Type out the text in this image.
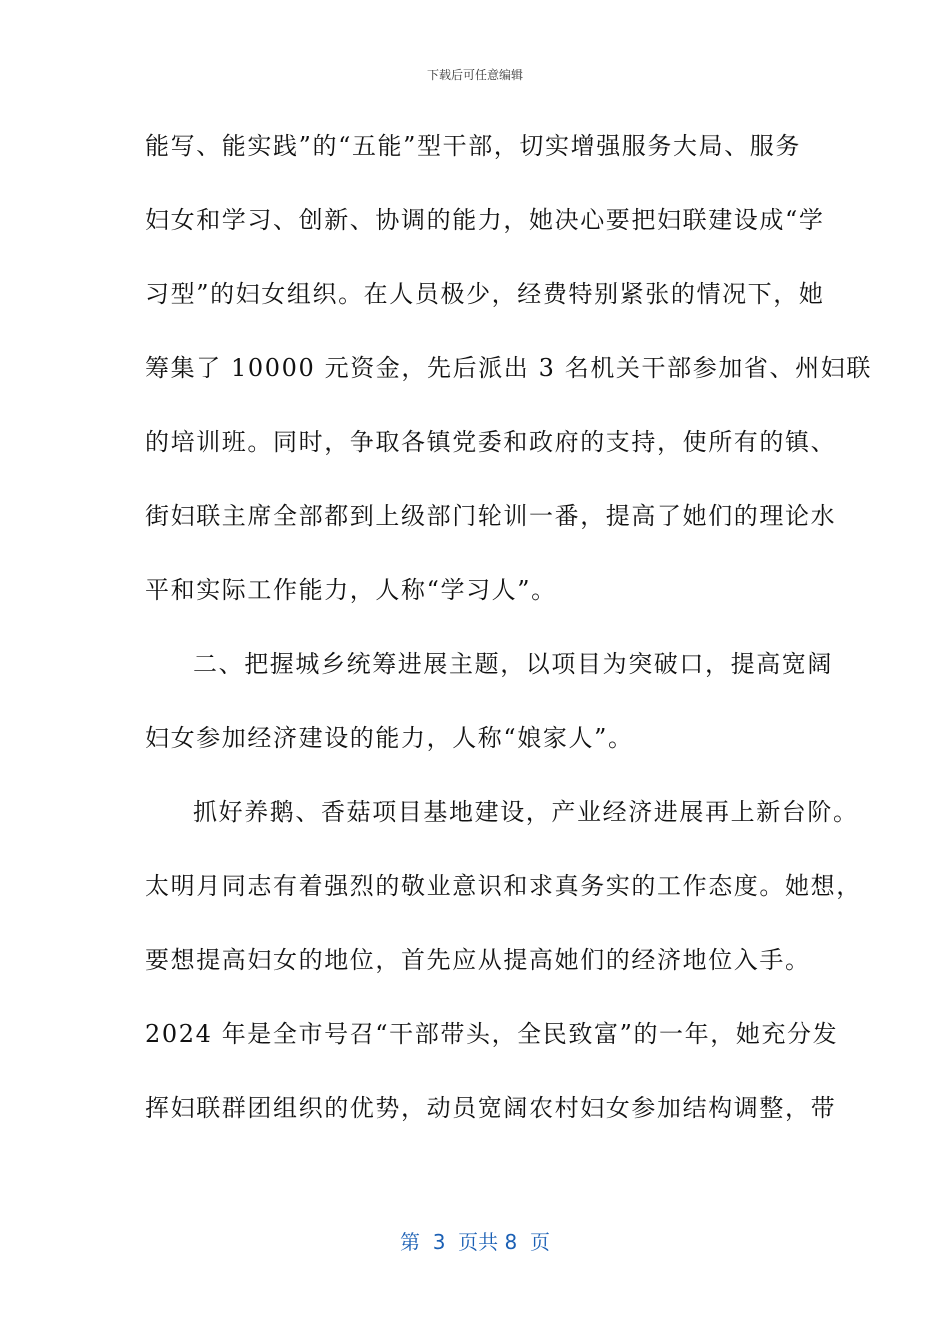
下载后可任意编辑
能写、能实践”的“五能”型干部，切实增强服务大局、服务
妇女和学习、创新、协调的能力，她决心要把妇联建设成“学
习型”的妇女组织。在人员极少，经费特别紧张的情况下，她
筹集了 10000 元资金，先后派出 3 名机关干部参加省、州妇联
的培训班。同时，争取各镇党委和政府的支持，使所有的镇、
街妇联主席全部都到上级部门轮训一番，提高了她们的理论水
平和实际工作能力，人称“学习人”。
二、把握城乡统筹进展主题，以项目为突破口，提高宽阔
妇女参加经济建设的能力，人称“娘家人”。
抓好养鹅、香菇项目基地建设，产业经济进展再上新台阶。
太明月同志有着强烈的敬业意识和求真务实的工作态度。她想，
要想提高妇女的地位，首先应从提高她们的经济地位入手。
2024 年是全市号召“干部带头，全民致富”的一年，她充分发
挥妇联群团组织的优势，动员宽阔农村妇女参加结构调整，带
第  3  页共 8  页
